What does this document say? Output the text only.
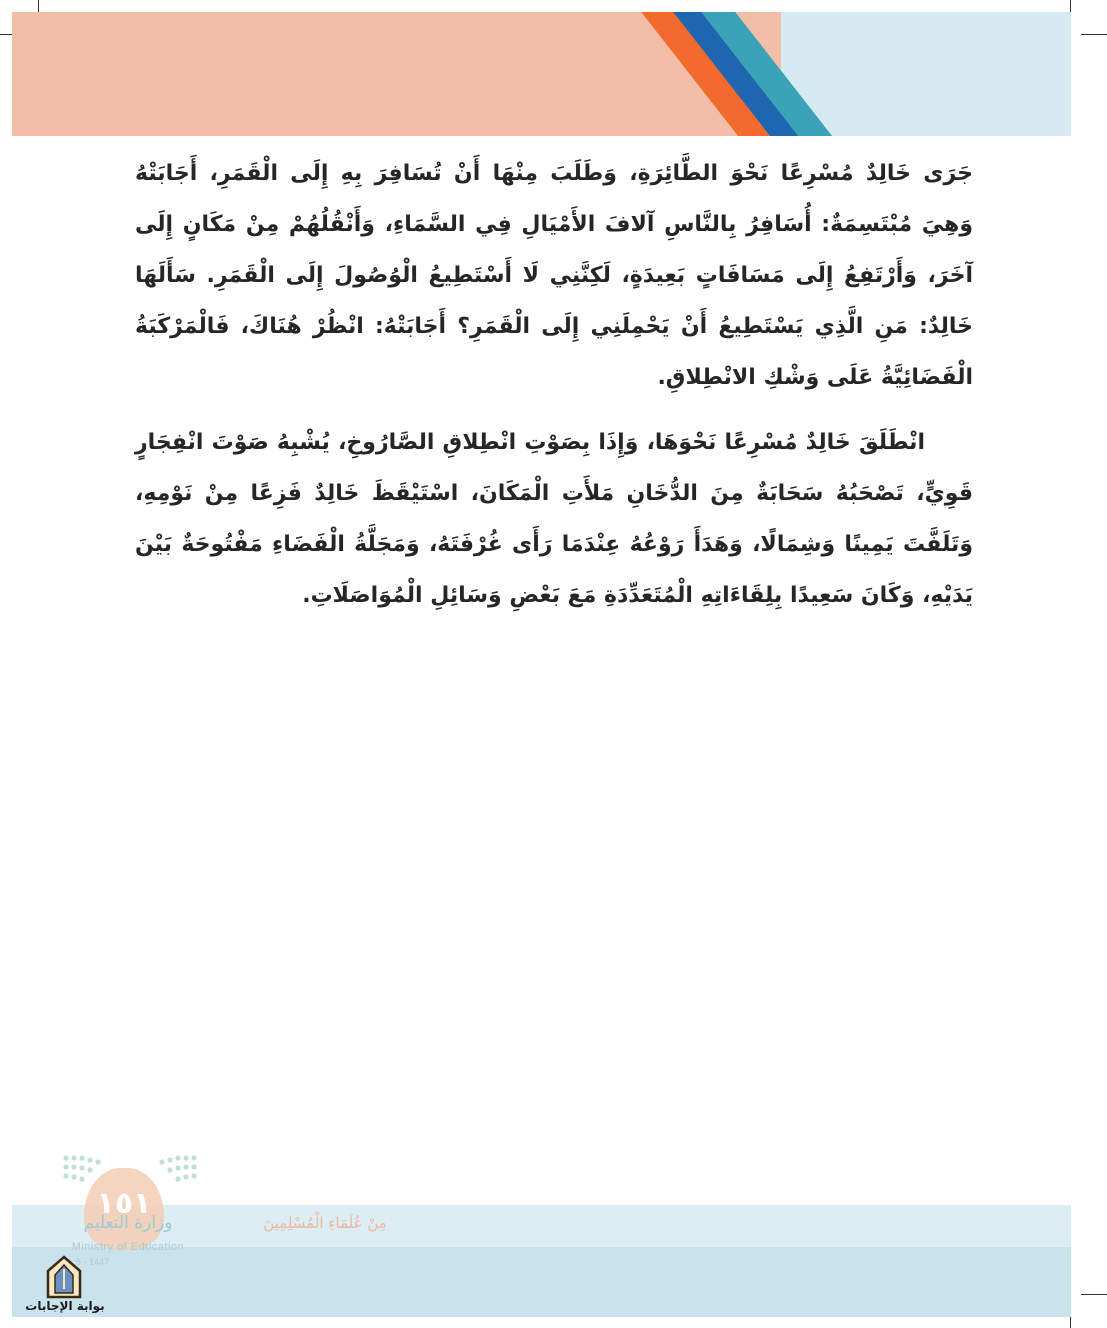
جَرَى خَالِدٌ مُسْرِعًا نَحْوَ الطَّائِرَةِ، وَطَلَبَ مِنْهَا أَنْ تُسَافِرَ بِهِ إِلَى الْقَمَرِ، أَجَابَتْهُ وَهِيَ مُبْتَسِمَةٌ: أُسَافِرُ بِالنَّاسِ آلافَ الأَمْيَالِ فِي السَّمَاءِ، وَأَنْقُلُهُمْ مِنْ مَكَانٍ إِلَى آخَرَ، وَأَرْتَفِعُ إِلَى مَسَافَاتٍ بَعِيدَةٍ، لَكِنَّنِي لَا أَسْتَطِيعُ الْوُصُولَ إِلَى الْقَمَرِ. سَأَلَهَا خَالِدٌ: مَنِ الَّذِي يَسْتَطِيعُ أَنْ يَحْمِلَنِي إِلَى الْقَمَرِ؟ أَجَابَتْهُ: انْظُرْ هُنَاكَ، فَالْمَرْكَبَةُ الْفَضَائِيَّةُ عَلَى وَشْكِ الانْطِلاقِ.

انْطَلَقَ خَالِدٌ مُسْرِعًا نَحْوَهَا، وَإِذَا بِصَوْتِ انْطِلاقِ الصَّارُوخِ، يُشْبِهُ صَوْتَ انْفِجَارٍ قَوِيٍّ، تَصْحَبُهُ سَحَابَةٌ مِنَ الدُّخَانِ مَلأَتِ الْمَكَانَ، اسْتَيْقَظَ خَالِدٌ فَزِعًا مِنْ نَوْمِهِ، وَتَلَفَّتَ يَمِينًا وَشِمَالًا، وَهَدَأَ رَوْعُهُ عِنْدَمَا رَأَى غُرْفَتَهُ، وَمَجَلَّةُ الْفَضَاءِ مَفْتُوحَةٌ بَيْنَ يَدَيْهِ، وَكَانَ سَعِيدًا بِلِقَاءَاتِهِ الْمُتَعَدِّدَةِ مَعَ بَعْضِ وَسَائِلِ الْمُوَاصَلَاتِ.

١٥١
وزارة التعليم
Ministry of Education
5 - 1447
مِنْ عُلَمَاءِ الْمُسْلِمِينَ
بوابة الإجابات
